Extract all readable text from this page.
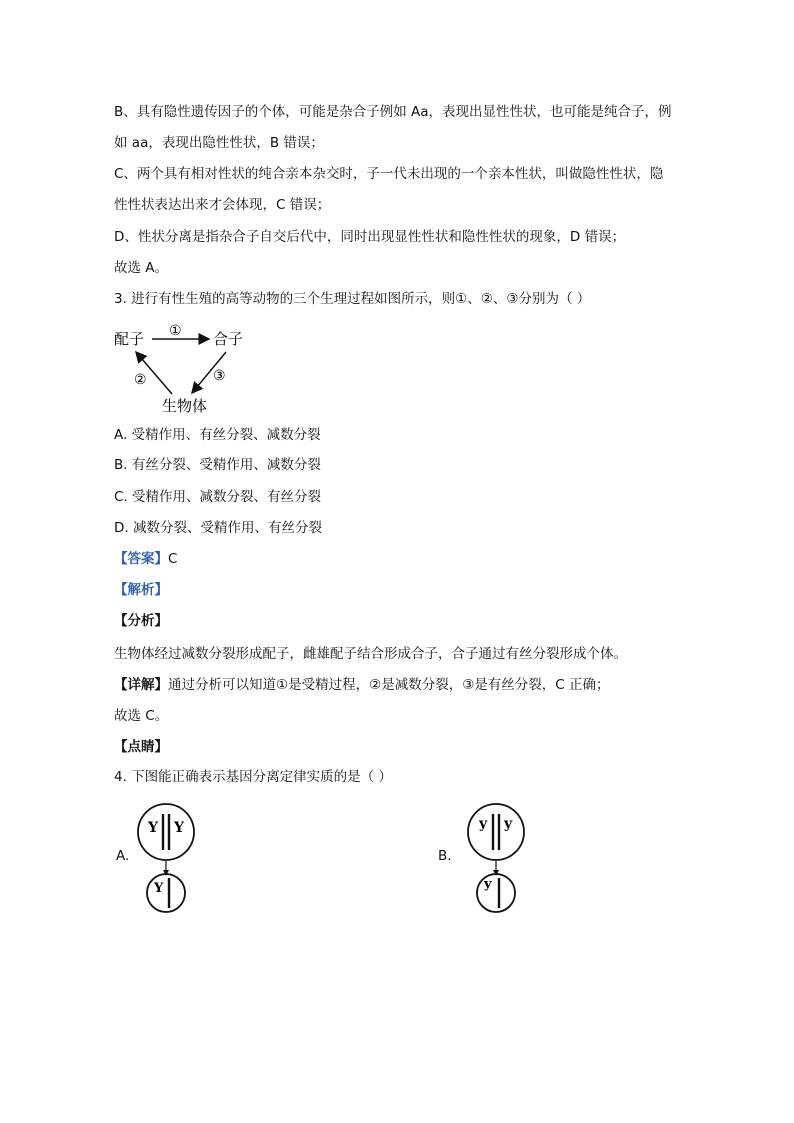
B、具有隐性遗传因子的个体，可能是杂合子例如 Aa，表现出显性性状，也可能是纯合子，例
如 aa，表现出隐性性状，B 错误；
C、两个具有相对性状的纯合亲本杂交时，子一代未出现的一个亲本性状，叫做隐性性状，隐
性性状表达出来才会体现，C 错误；
D、性状分离是指杂合子自交后代中，同时出现显性性状和隐性性状的现象，D 错误；
故选 A。
3. 进行有性生殖的高等动物的三个生理过程如图所示，则①、②、③分别为（ ）
配子	合子
生物体
①
②	③
A. 受精作用、有丝分裂、减数分裂
B. 有丝分裂、受精作用、减数分裂
C. 受精作用、减数分裂、有丝分裂
D. 减数分裂、受精作用、有丝分裂
【答案】C
【解析】
【分析】
生物体经过减数分裂形成配子，雌雄配子结合形成合子，合子通过有丝分裂形成个体。
【详解】通过分析可以知道①是受精过程，②是减数分裂，③是有丝分裂，C 正确；
故选 C。
【点睛】
4. 下图能正确表示基因分离定律实质的是（ ）
A.
Y Y
Y
B.
y y
y
